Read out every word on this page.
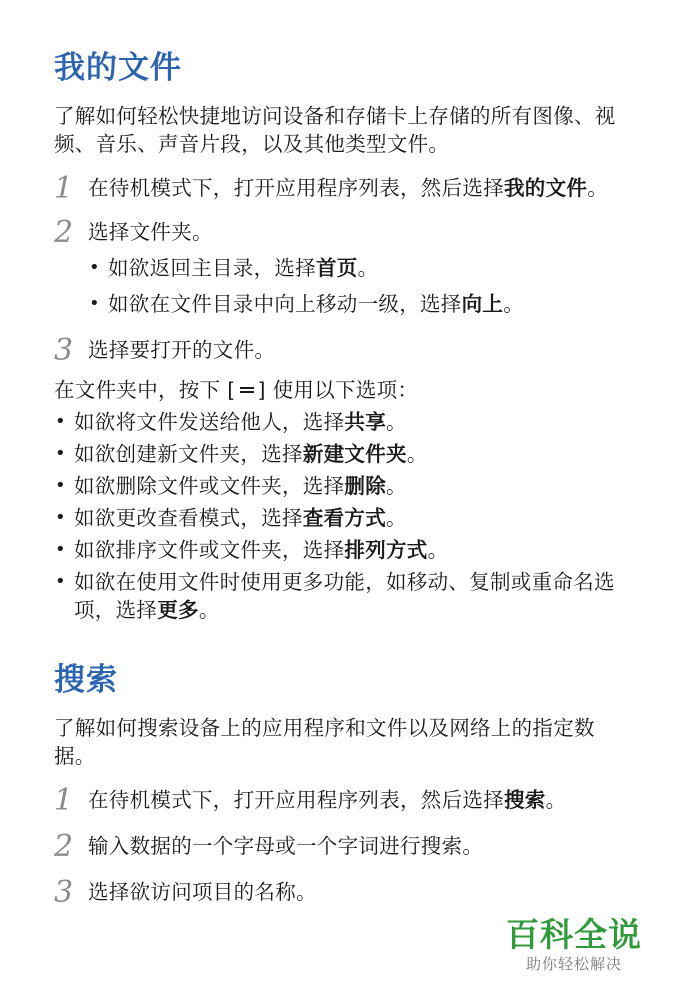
我的文件

了解如何轻松快捷地访问设备和存储卡上存储的所有图像、视频、音乐、声音片段，以及其他类型文件。

1 在待机模式下，打开应用程序列表，然后选择我的文件。
2 选择文件夹。
• 如欲返回主目录，选择首页。
• 如欲在文件目录中向上移动一级，选择向上。
3 选择要打开的文件。

在文件夹中，按下 [ ] 使用以下选项：

• 如欲将文件发送给他人，选择共享。
• 如欲创建新文件夹，选择新建文件夹。
• 如欲删除文件或文件夹，选择删除。
• 如欲更改查看模式，选择查看方式。
• 如欲排序文件或文件夹，选择排列方式。
• 如欲在使用文件时使用更多功能，如移动、复制或重命名选项，选择更多。
搜索

了解如何搜索设备上的应用程序和文件以及网络上的指定数据。

1 在待机模式下，打开应用程序列表，然后选择搜索。
2 输入数据的一个字母或一个字词进行搜索。
3 选择欲访问项目的名称。
百科全说
助你轻松解决
